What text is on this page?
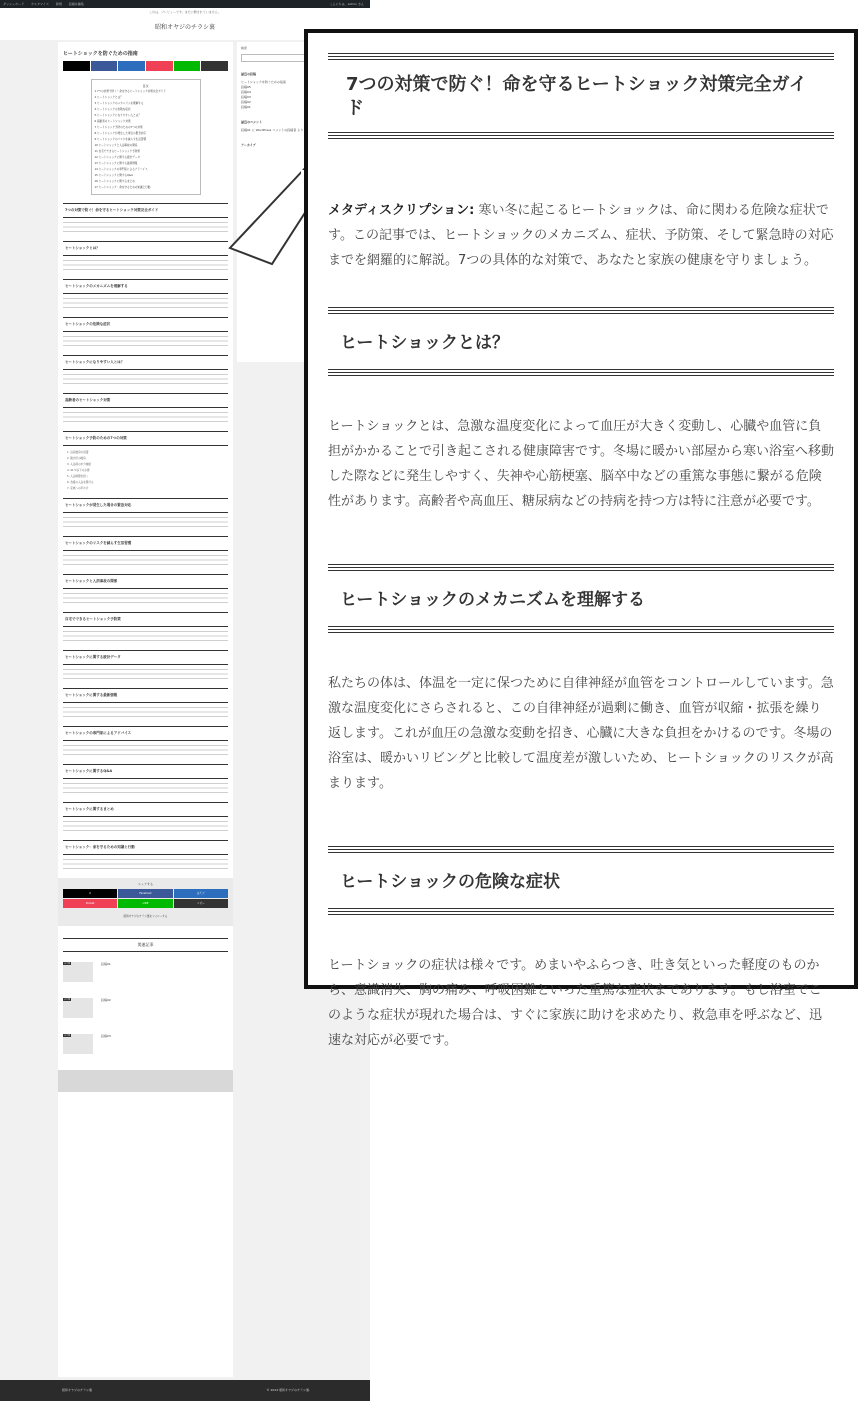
ダッシュボード カスタマイズ 新規 投稿を編集	こんにちは、admin さん
これは、プレビューです。まだ公開されていません。
昭和オヤジのチラシ裏
ヒートショックを防ぐための指南
目次
1 7つの対策で防ぐ！命を守るヒートショック対策完全ガイド
2 ヒートショックとは？
3 ヒートショックのメカニズムを理解する
4 ヒートショックの危険な症状
5 ヒートショックになりやすい人とは？
6 高齢者のヒートショック対策
7 ヒートショック予防のための7つの対策
8 ヒートショックが発生した場合の緊急対応
9 ヒートショックのリスクを減らす生活習慣
10 ヒートショックと入浴事故の関係
11 自宅でできるヒートショック予防策
12 ヒートショックに関する統計データ
13 ヒートショックに関する最新情報
14 ヒートショックの専門家によるアドバイス
15 ヒートショックに関するQ&A
16 ヒートショックに関するまとめ
17 ヒートショック：命を守るための知識と行動
7つの対策で防ぐ！命を守るヒートショック対策完全ガイド
ヒートショックとは？
ヒートショックのメカニズムを理解する
ヒートショックの危険な症状
ヒートショックになりやすい人とは？
高齢者のヒートショック対策
ヒートショック予防のための7つの対策
1. 浴室暖房の設置
2. 脱衣所の暖房
3. 入浴前の水分補給
4. 41℃以下のお湯
5. 入浴時間を短く
6. 食後の入浴を避ける
7. 家族への声かけ
ヒートショックが発生した場合の緊急対応
ヒートショックのリスクを減らす生活習慣
ヒートショックと入浴事故の関係
自宅でできるヒートショック予防策
ヒートショックに関する統計データ
ヒートショックに関する最新情報
ヒートショックの専門家によるアドバイス
ヒートショックに関するQ&A
ヒートショックに関するまとめ
ヒートショック：命を守るための知識と行動
シェアする
X	Facebook	はてブ
Pocket	LINE	コピー
昭和オヤジのチラシ裏をフォローする
関連記事
未分類	投稿01
未分類	投稿02
未分類	投稿03
検索
最近の投稿
ヒートショックを防ぐための指南
投稿05
投稿04
投稿03
投稿02
投稿01
最近のコメント
投稿01 に WordPress コメントの投稿者 より
アーカイブ
昭和オヤジのチラシ裏	© 2024 昭和オヤジのチラシ裏.
7つの対策で防ぐ！命を守るヒートショック対策完全ガイド

メタディスクリプション: 寒い冬に起こるヒートショックは、命に関わる危険な症状です。この記事では、ヒートショックのメカニズム、症状、予防策、そして緊急時の対応までを網羅的に解説。7つの具体的な対策で、あなたと家族の健康を守りましょう。

ヒートショックとは？

ヒートショックとは、急激な温度変化によって血圧が大きく変動し、心臓や血管に負担がかかることで引き起こされる健康障害です。冬場に暖かい部屋から寒い浴室へ移動した際などに発生しやすく、失神や心筋梗塞、脳卒中などの重篤な事態に繋がる危険性があります。高齢者や高血圧、糖尿病などの持病を持つ方は特に注意が必要です。

ヒートショックのメカニズムを理解する

私たちの体は、体温を一定に保つために自律神経が血管をコントロールしています。急激な温度変化にさらされると、この自律神経が過剰に働き、血管が収縮・拡張を繰り返します。これが血圧の急激な変動を招き、心臓に大きな負担をかけるのです。冬場の浴室は、暖かいリビングと比較して温度差が激しいため、ヒートショックのリスクが高まります。

ヒートショックの危険な症状

ヒートショックの症状は様々です。めまいやふらつき、吐き気といった軽度のものから、意識消失、胸の痛み、呼吸困難といった重篤な症状まであります。もし浴室でこのような症状が現れた場合は、すぐに家族に助けを求めたり、救急車を呼ぶなど、迅速な対応が必要です。
